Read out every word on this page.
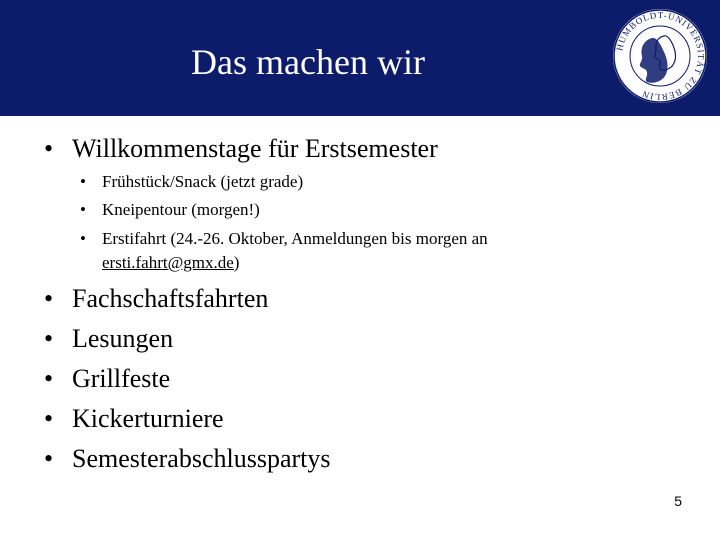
Das machen wir	HUMBOLDT-UNIVERSITÄT ZU BERLIN
• Willkommenstage für Erstsemester
• Frühstück/Snack (jetzt grade)
• Kneipentour (morgen!)
• Erstifahrt (24.-26. Oktober, Anmeldungen bis morgen an
ersti.fahrt@gmx.de)
• Fachschaftsfahrten
• Lesungen
• Grillfeste
• Kickerturniere
• Semesterabschlusspartys
5
